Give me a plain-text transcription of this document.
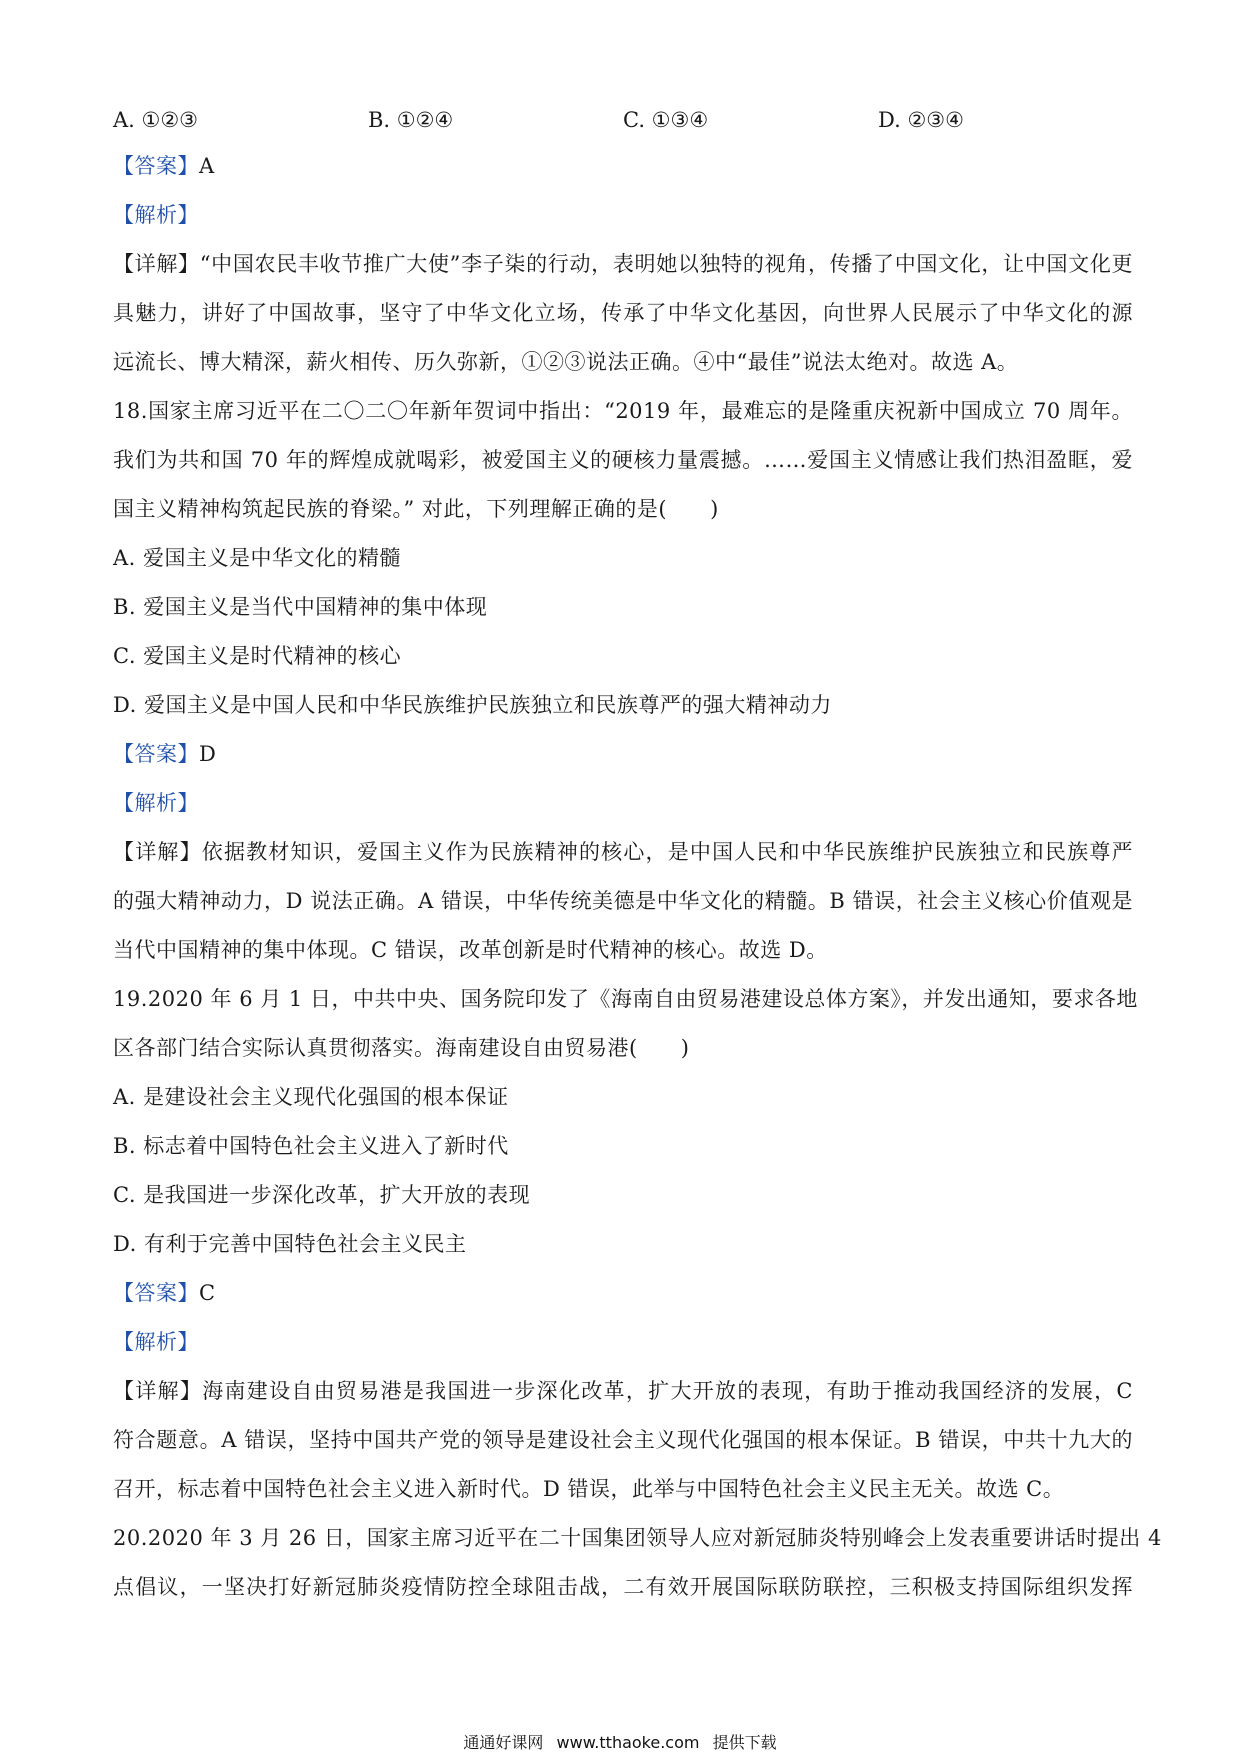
A. ①②③	B. ①②④	C. ①③④	D. ②③④
【答案】A
【解析】
【详解】“中国农民丰收节推广大使”李子柒的行动，表明她以独特的视角，传播了中国文化，让中国文化更
具魅力，讲好了中国故事，坚守了中华文化立场，传承了中华文化基因，向世界人民展示了中华文化的源
远流长、博大精深，薪火相传、历久弥新，①②③说法正确。④中“最佳”说法太绝对。故选 A。
18.国家主席习近平在二〇二〇年新年贺词中指出：“2019 年，最难忘的是隆重庆祝新中国成立 70 周年。
我们为共和国 70 年的辉煌成就喝彩，被爱国主义的硬核力量震撼。……爱国主义情感让我们热泪盈眶，爱
国主义精神构筑起民族的脊梁。” 对此，下列理解正确的是(　　)
A. 爱国主义是中华文化的精髓
B. 爱国主义是当代中国精神的集中体现
C. 爱国主义是时代精神的核心
D. 爱国主义是中国人民和中华民族维护民族独立和民族尊严的强大精神动力
【答案】D
【解析】
【详解】依据教材知识，爱国主义作为民族精神的核心，是中国人民和中华民族维护民族独立和民族尊严
的强大精神动力，D 说法正确。A 错误，中华传统美德是中华文化的精髓。B 错误，社会主义核心价值观是
当代中国精神的集中体现。C 错误，改革创新是时代精神的核心。故选 D。
19.2020 年 6 月 1 日，中共中央、国务院印发了《海南自由贸易港建设总体方案》，并发出通知，要求各地
区各部门结合实际认真贯彻落实。海南建设自由贸易港(　　)
A. 是建设社会主义现代化强国的根本保证
B. 标志着中国特色社会主义进入了新时代
C. 是我国进一步深化改革，扩大开放的表现
D. 有利于完善中国特色社会主义民主
【答案】C
【解析】
【详解】海南建设自由贸易港是我国进一步深化改革，扩大开放的表现，有助于推动我国经济的发展，C
符合题意。A 错误，坚持中国共产党的领导是建设社会主义现代化强国的根本保证。B 错误，中共十九大的
召开，标志着中国特色社会主义进入新时代。D 错误，此举与中国特色社会主义民主无关。故选 C。
20.2020 年 3 月 26 日，国家主席习近平在二十国集团领导人应对新冠肺炎特别峰会上发表重要讲话时提出 4
点倡议，一坚决打好新冠肺炎疫情防控全球阻击战，二有效开展国际联防联控，三积极支持国际组织发挥
通通好课网 www.tthaoke.com 提供下载
